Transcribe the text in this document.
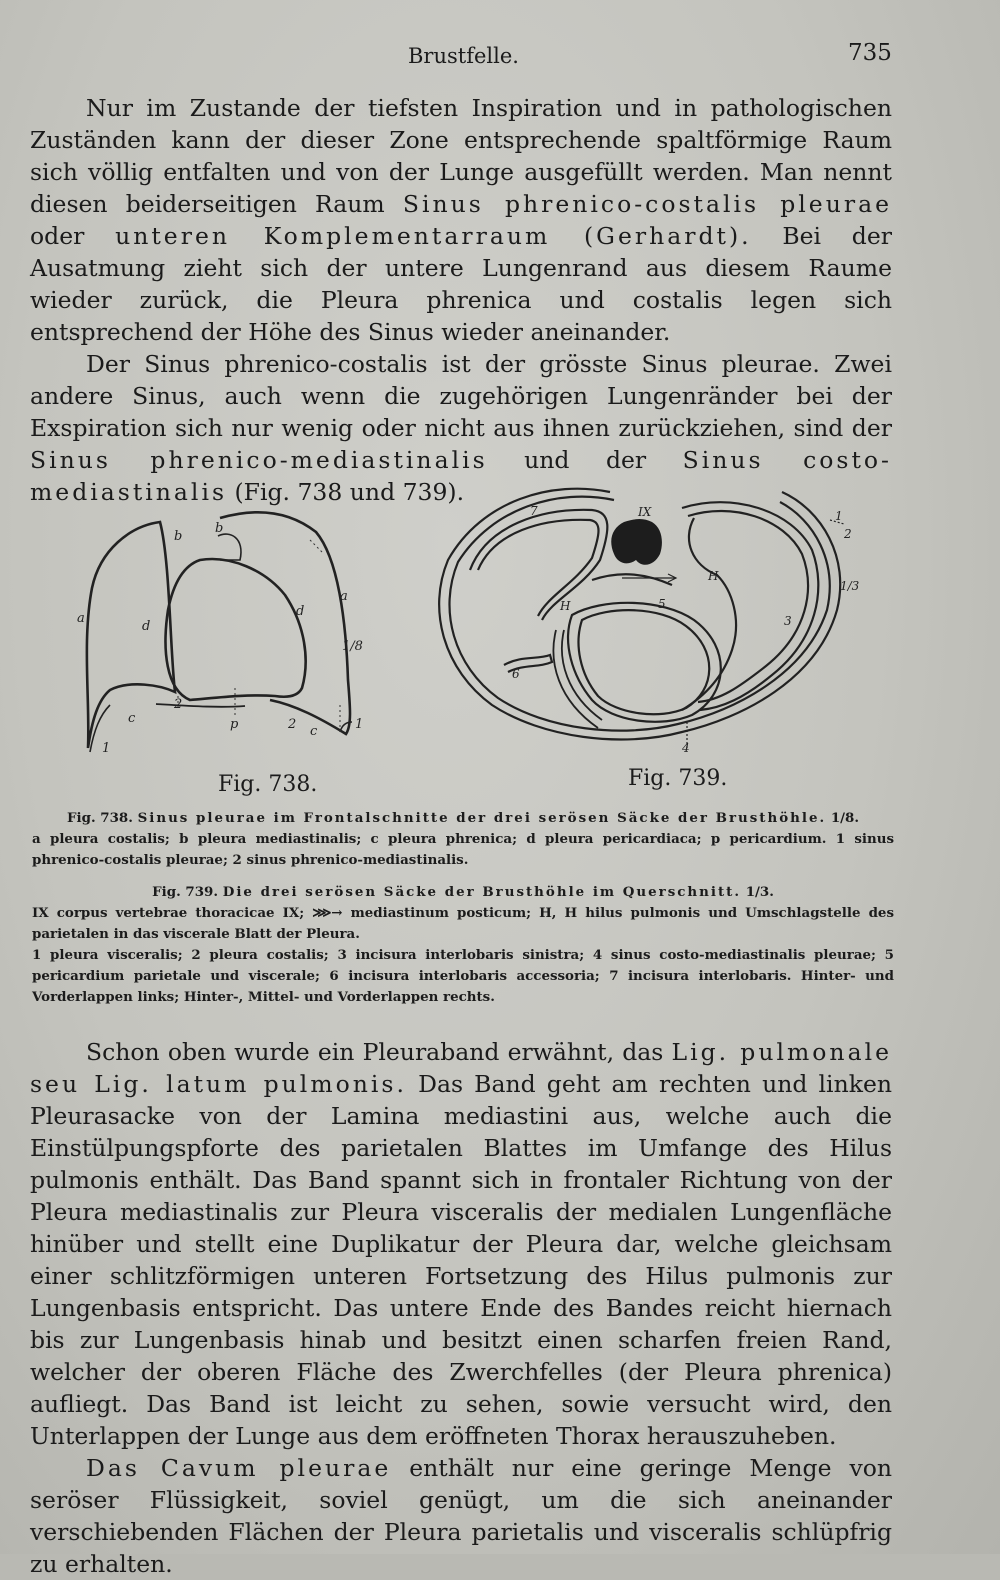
Brustfelle.	735

Nur im Zustande der tiefsten Inspiration und in pathologischen Zuständen kann der dieser Zone entsprechende spaltförmige Raum sich völlig entfalten und von der Lunge ausgefüllt werden. Man nennt diesen beiderseitigen Raum Sinus phrenico-costalis pleurae oder unteren Komplementarraum (Gerhardt). Bei der Ausatmung zieht sich der untere Lungenrand aus diesem Raume wieder zurück, die Pleura phrenica und costalis legen sich entsprechend der Höhe des Sinus wieder aneinander.

Der Sinus phrenico-costalis ist der grösste Sinus pleurae. Zwei andere Sinus, auch wenn die zugehörigen Lungenränder bei der Exspiration sich nur wenig oder nicht aus ihnen zurückziehen, sind der Sinus phrenico-mediastinalis und der Sinus costo-mediastinalis (Fig. 738 und 739).

a
a
b
b
d
d
c
c
p
2
2
1
1
1/8
IX
7
H
H
5
3
6
1
2
4
1/3
Fig. 738.	Fig. 739.

Fig. 738. Sinus pleurae im Frontalschnitte der drei serösen Säcke der Brusthöhle. 1/8.

a pleura costalis; b pleura mediastinalis; c pleura phrenica; d pleura pericardiaca; p pericardium. 1 sinus phrenico-costalis pleurae; 2 sinus phrenico-mediastinalis.

Fig. 739. Die drei serösen Säcke der Brusthöhle im Querschnitt. 1/3.

IX corpus vertebrae thoracicae IX; ⋙→ mediastinum posticum; H, H hilus pulmonis und Umschlagstelle des parietalen in das viscerale Blatt der Pleura.

1 pleura visceralis; 2 pleura costalis; 3 incisura interlobaris sinistra; 4 sinus costo-mediastinalis pleurae; 5 pericardium parietale und viscerale; 6 incisura interlobaris accessoria; 7 incisura interlobaris. Hinter- und Vorderlappen links; Hinter-, Mittel- und Vorderlappen rechts.

Schon oben wurde ein Pleuraband erwähnt, das Lig. pulmonale seu Lig. latum pulmonis. Das Band geht am rechten und linken Pleurasacke von der Lamina mediastini aus, welche auch die Einstülpungspforte des parietalen Blattes im Umfange des Hilus pulmonis enthält. Das Band spannt sich in frontaler Richtung von der Pleura mediastinalis zur Pleura visceralis der medialen Lungenfläche hinüber und stellt eine Duplikatur der Pleura dar, welche gleichsam einer schlitzförmigen unteren Fortsetzung des Hilus pulmonis zur Lungenbasis entspricht. Das untere Ende des Bandes reicht hiernach bis zur Lungenbasis hinab und besitzt einen scharfen freien Rand, welcher der oberen Fläche des Zwerchfelles (der Pleura phrenica) aufliegt. Das Band ist leicht zu sehen, sowie versucht wird, den Unterlappen der Lunge aus dem eröffneten Thorax herauszuheben.

Das Cavum pleurae enthält nur eine geringe Menge von seröser Flüssigkeit, soviel genügt, um die sich aneinander verschiebenden Flächen der Pleura parietalis und visceralis schlüpfrig zu erhalten.
